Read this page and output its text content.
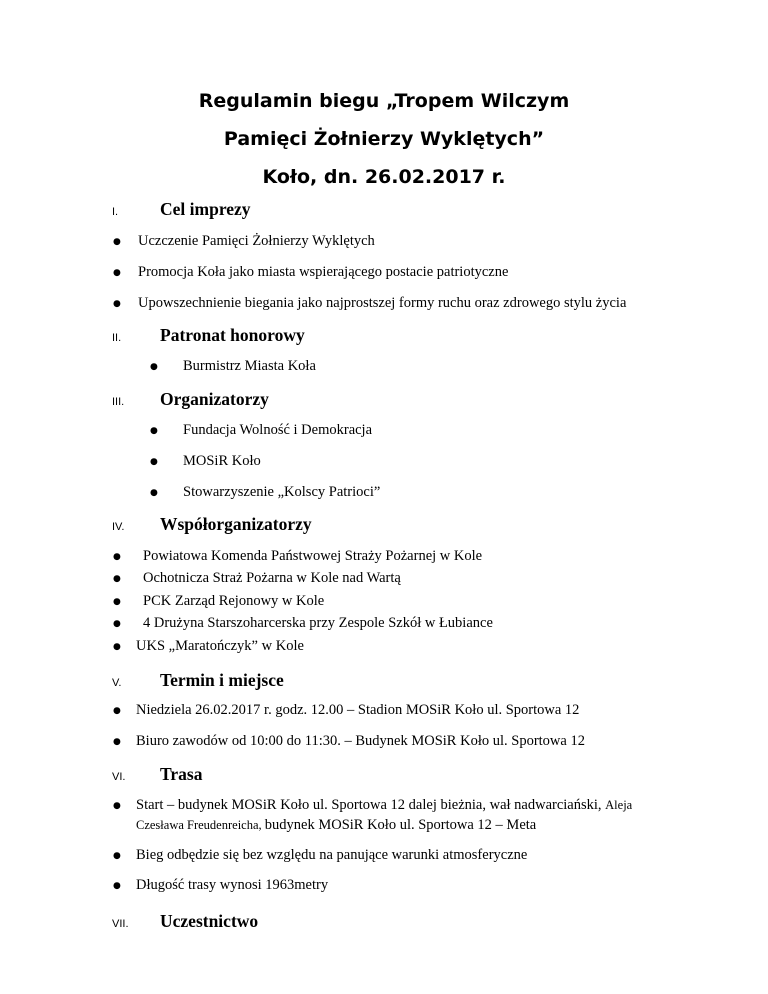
Regulamin biegu „Tropem Wilczym
Pamięci Żołnierzy Wyklętych”
Koło, dn. 26.02.2017 r.
I. Cel imprezy
● Uczczenie Pamięci Żołnierzy Wyklętych
● Promocja Koła jako miasta wspierającego postacie patriotyczne
● Upowszechnienie biegania jako najprostszej formy ruchu oraz zdrowego stylu życia
II. Patronat honorowy
● Burmistrz Miasta Koła
III. Organizatorzy
● Fundacja Wolność i Demokracja
● MOSiR Koło
● Stowarzyszenie „Kolscy Patrioci”
IV. Współorganizatorzy
● Powiatowa Komenda Państwowej Straży Pożarnej w Kole
● Ochotnicza Straż Pożarna w Kole nad Wartą
● PCK Zarząd Rejonowy w Kole
● 4 Drużyna Starszoharcerska przy Zespole Szkół w Łubiance
● UKS „Maratończyk” w Kole
V. Termin i miejsce
● Niedziela 26.02.2017 r. godz. 12.00 – Stadion MOSiR Koło ul. Sportowa 12
● Biuro zawodów od 10:00 do 11:30. – Budynek MOSiR Koło ul. Sportowa 12
VI. Trasa
● Start – budynek MOSiR Koło ul. Sportowa 12 dalej bieżnia, wał nadwarciański, Aleja
Czesława Freudenreicha, budynek MOSiR Koło ul. Sportowa 12 – Meta
● Bieg odbędzie się bez względu na panujące warunki atmosferyczne
● Długość trasy wynosi 1963metry
VII. Uczestnictwo
